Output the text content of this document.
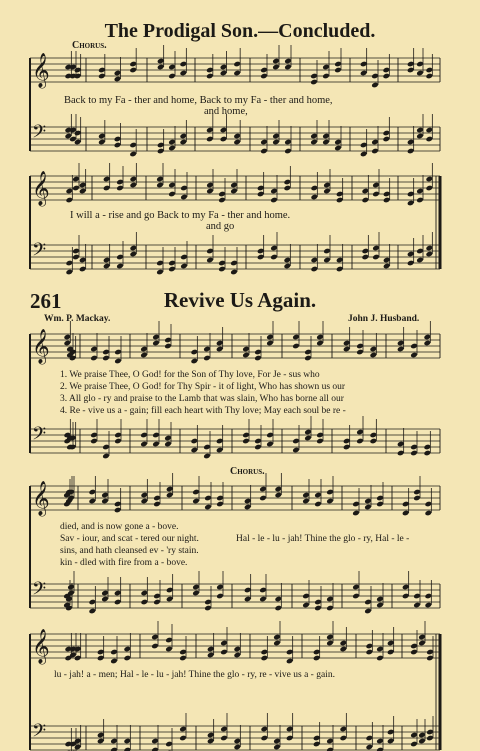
The Prodigal Son.—Concluded.
Chorus.
Back to my Fa - ther and home, Back to my Fa - ther and home,
and home,
I will a - rise and go Back to my Fa - ther and home.
and go
261	Revive Us Again.
Wm. P. Mackay.	John J. Husband.
1. We praise Thee, O God! for the Son of Thy love, For Je - sus who
2. We praise Thee, O God! for Thy Spir - it of light, Who has shown us our
3. All glo - ry and praise to the Lamb that was slain, Who has borne all our
4. Re - vive us a - gain; fill each heart with Thy love; May each soul be re -
Chorus.
died, and is now gone a - bove.
Sav - iour, and scat - tered our night.
sins, and hath cleansed ev - 'ry stain.
kin - dled with fire from a - bove.
Hal - le - lu - jah! Thine the glo - ry, Hal - le -
lu - jah! a - men; Hal - le - lu - jah! Thine the glo - ry, re - vive us a - gain.
𝄞
𝄢
𝄞
𝄢
𝄞
𝄢
𝄞
𝄢
𝄞
𝄢
